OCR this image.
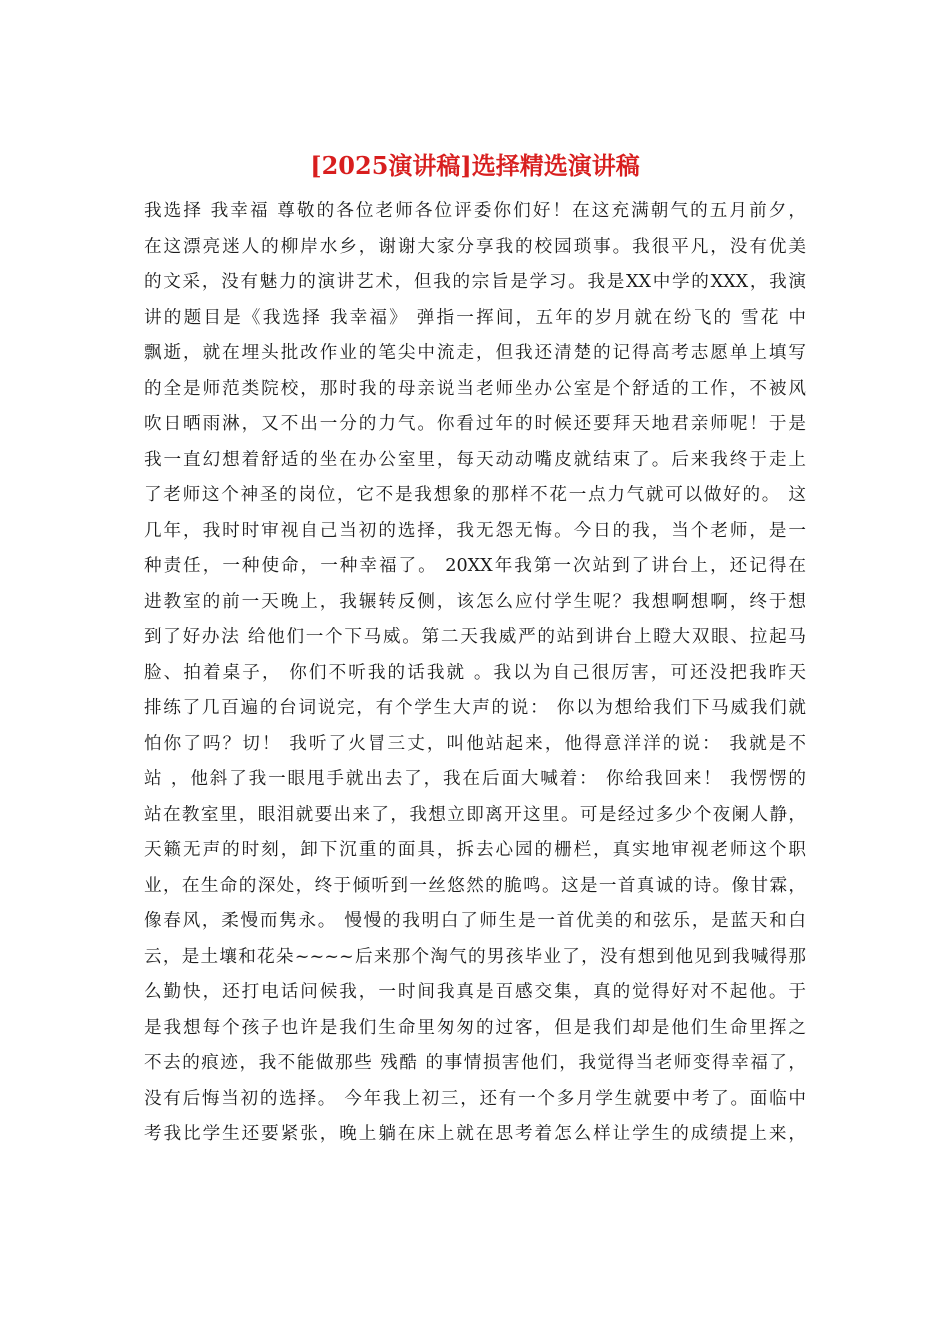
[2025演讲稿]选择精选演讲稿
我选择 我幸福 尊敬的各位老师各位评委你们好！在这充满朝气的五月前夕，
在这漂亮迷人的柳岸水乡，谢谢大家分享我的校园琐事。我很平凡，没有优美
的文采，没有魅力的演讲艺术，但我的宗旨是学习。我是XX中学的XXX，我演
讲的题目是《我选择 我幸福》 弹指一挥间，五年的岁月就在纷飞的 雪花 中
飘逝，就在埋头批改作业的笔尖中流走，但我还清楚的记得高考志愿单上填写
的全是师范类院校，那时我的母亲说当老师坐办公室是个舒适的工作，不被风
吹日晒雨淋，又不出一分的力气。你看过年的时候还要拜天地君亲师呢！于是
我一直幻想着舒适的坐在办公室里，每天动动嘴皮就结束了。后来我终于走上
了老师这个神圣的岗位，它不是我想象的那样不花一点力气就可以做好的。 这
几年，我时时审视自己当初的选择，我无怨无悔。今日的我，当个老师，是一
种责任，一种使命，一种幸福了。 20XX年我第一次站到了讲台上，还记得在
进教室的前一天晚上，我辗转反侧，该怎么应付学生呢？我想啊想啊，终于想
到了好办法 给他们一个下马威。第二天我威严的站到讲台上瞪大双眼、拉起马
脸、拍着桌子， 你们不听我的话我就 。我以为自己很厉害，可还没把我昨天
排练了几百遍的台词说完，有个学生大声的说： 你以为想给我们下马威我们就
怕你了吗？切！ 我听了火冒三丈，叫他站起来，他得意洋洋的说： 我就是不
站 ，他斜了我一眼甩手就出去了，我在后面大喊着： 你给我回来！ 我愣愣的
站在教室里，眼泪就要出来了，我想立即离开这里。可是经过多少个夜阑人静，
天籁无声的时刻，卸下沉重的面具，拆去心园的栅栏，真实地审视老师这个职
业，在生命的深处，终于倾听到一丝悠然的脆鸣。这是一首真诚的诗。像甘霖，
像春风，柔慢而隽永。 慢慢的我明白了师生是一首优美的和弦乐，是蓝天和白
云，是土壤和花朵~~~~后来那个淘气的男孩毕业了，没有想到他见到我喊得那
么勤快，还打电话问候我，一时间我真是百感交集，真的觉得好对不起他。于
是我想每个孩子也许是我们生命里匆匆的过客，但是我们却是他们生命里挥之
不去的痕迹，我不能做那些 残酷 的事情损害他们，我觉得当老师变得幸福了，
没有后悔当初的选择。 今年我上初三，还有一个多月学生就要中考了。面临中
考我比学生还要紧张，晚上躺在床上就在思考着怎么样让学生的成绩提上来，
